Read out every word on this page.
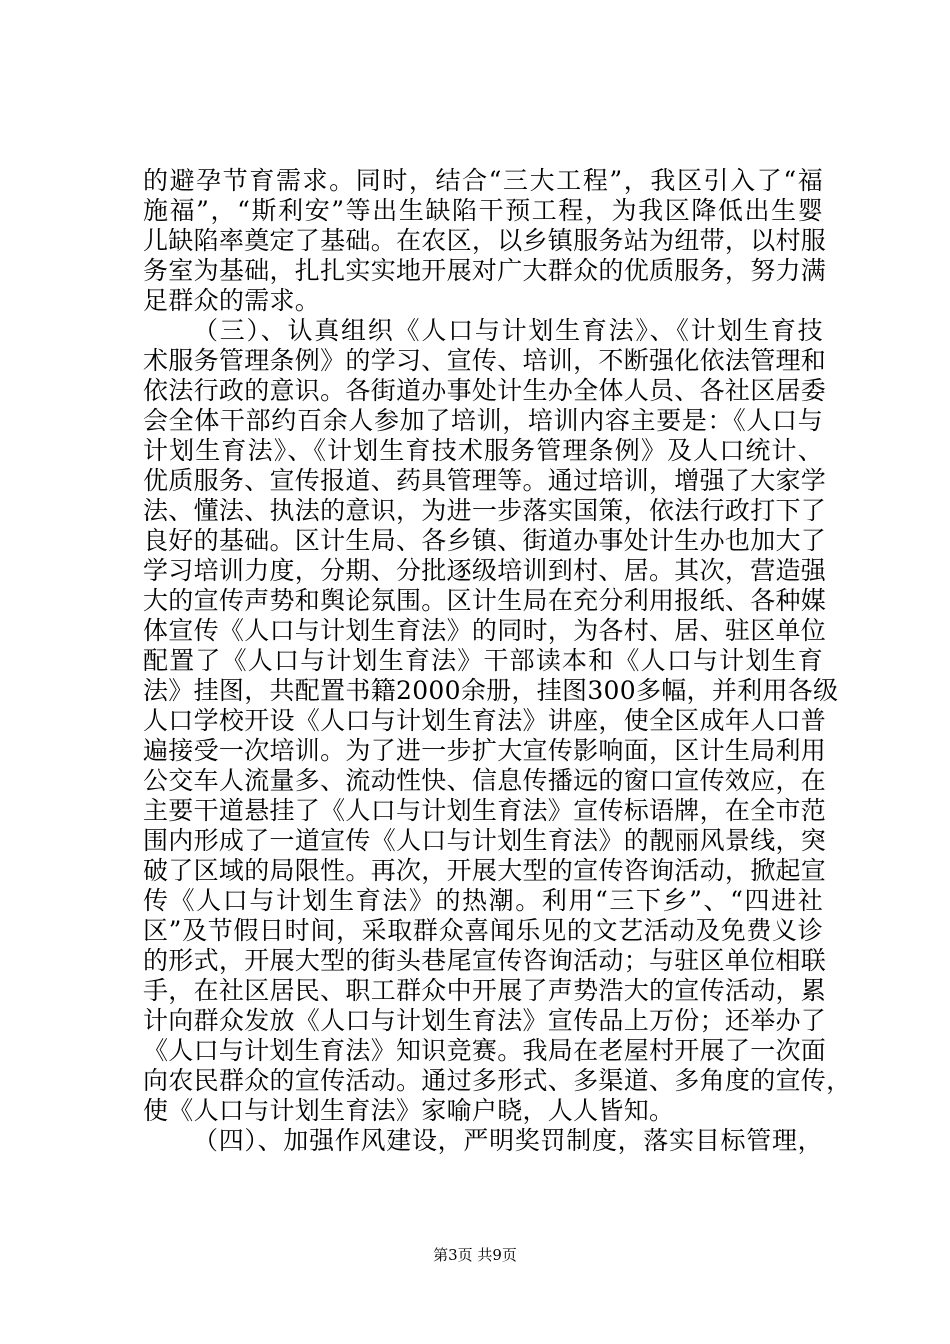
的避孕节育需求。同时，结合“三大工程”，我区引入了“福
施福”，“斯利安”等出生缺陷干预工程，为我区降低出生婴
儿缺陷率奠定了基础。在农区，以乡镇服务站为纽带，以村服
务室为基础，扎扎实实地开展对广大群众的优质服务，努力满
足群众的需求。
（三）、认真组织《人口与计划生育法》、《计划生育技
术服务管理条例》的学习、宣传、培训，不断强化依法管理和
依法行政的意识。各街道办事处计生办全体人员、各社区居委
会全体干部约百余人参加了培训，培训内容主要是：《人口与
计划生育法》、《计划生育技术服务管理条例》及人口统计、
优质服务、宣传报道、药具管理等。通过培训，增强了大家学
法、懂法、执法的意识，为进一步落实国策，依法行政打下了
良好的基础。区计生局、各乡镇、街道办事处计生办也加大了
学习培训力度，分期、分批逐级培训到村、居。其次，营造强
大的宣传声势和舆论氛围。区计生局在充分利用报纸、各种媒
体宣传《人口与计划生育法》的同时，为各村、居、驻区单位
配置了《人口与计划生育法》干部读本和《人口与计划生育
法》挂图，共配置书籍2000余册，挂图300多幅，并利用各级
人口学校开设《人口与计划生育法》讲座，使全区成年人口普
遍接受一次培训。为了进一步扩大宣传影响面，区计生局利用
公交车人流量多、流动性快、信息传播远的窗口宣传效应，在
主要干道悬挂了《人口与计划生育法》宣传标语牌，在全市范
围内形成了一道宣传《人口与计划生育法》的靓丽风景线，突
破了区域的局限性。再次，开展大型的宣传咨询活动，掀起宣
传《人口与计划生育法》的热潮。利用“三下乡”、“四进社
区”及节假日时间，采取群众喜闻乐见的文艺活动及免费义诊
的形式，开展大型的街头巷尾宣传咨询活动；与驻区单位相联
手，在社区居民、职工群众中开展了声势浩大的宣传活动，累
计向群众发放《人口与计划生育法》宣传品上万份；还举办了
《人口与计划生育法》知识竞赛。我局在老屋村开展了一次面
向农民群众的宣传活动。通过多形式、多渠道、多角度的宣传，
使《人口与计划生育法》家喻户晓，人人皆知。
（四）、加强作风建设，严明奖罚制度，落实目标管理，
第3页 共9页
